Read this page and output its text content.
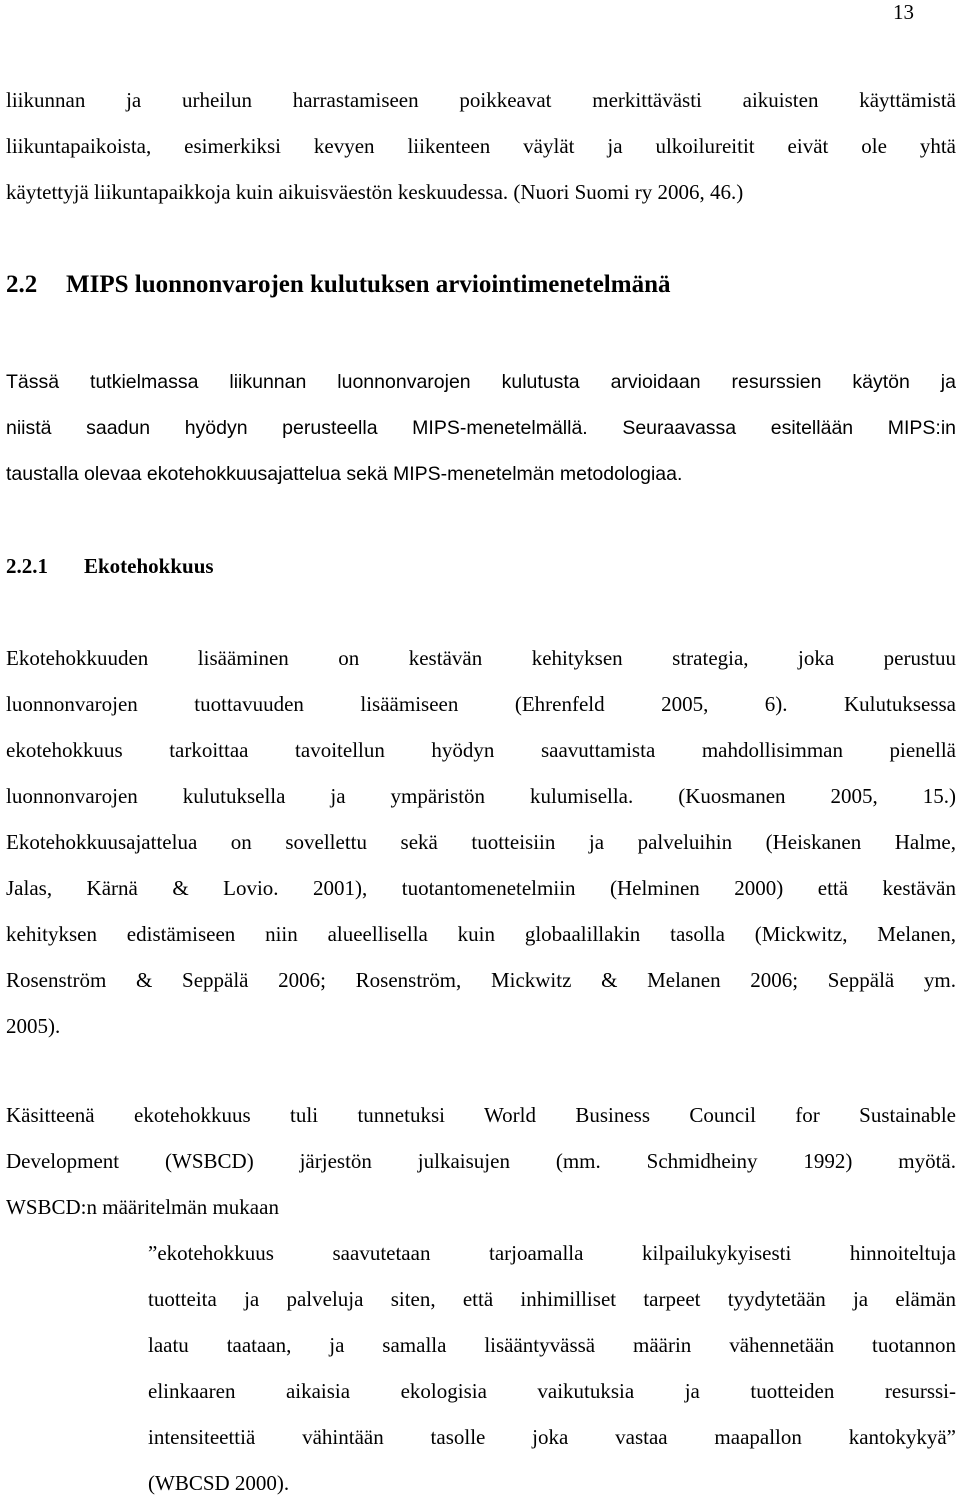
13
liikunnan ja urheilun harrastamiseen poikkeavat merkittävästi aikuisten käyttämistä
liikuntapaikoista, esimerkiksi kevyen liikenteen väylät ja ulkoilureitit eivät ole yhtä
käytettyjä liikuntapaikkoja kuin aikuisväestön keskuudessa. (Nuori Suomi ry 2006, 46.)
2.2 MIPS luonnonvarojen kulutuksen arviointimenetelmänä
Tässä tutkielmassa liikunnan luonnonvarojen kulutusta arvioidaan resurssien käytön ja
niistä saadun hyödyn perusteella MIPS-menetelmällä. Seuraavassa esitellään MIPS:in
taustalla olevaa ekotehokkuusajattelua sekä MIPS-menetelmän metodologiaa.
2.2.1 Ekotehokkuus
Ekotehokkuuden lisääminen on kestävän kehityksen strategia, joka perustuu
luonnonvarojen tuottavuuden lisäämiseen (Ehrenfeld 2005, 6). Kulutuksessa
ekotehokkuus tarkoittaa tavoitellun hyödyn saavuttamista mahdollisimman pienellä
luonnonvarojen kulutuksella ja ympäristön kulumisella. (Kuosmanen 2005, 15.)
Ekotehokkuusajattelua on sovellettu sekä tuotteisiin ja palveluihin (Heiskanen Halme,
Jalas, Kärnä & Lovio. 2001), tuotantomenetelmiin (Helminen 2000) että kestävän
kehityksen edistämiseen niin alueellisella kuin globaalillakin tasolla (Mickwitz, Melanen,
Rosenström & Seppälä 2006; Rosenström, Mickwitz & Melanen 2006; Seppälä ym.
2005).
Käsitteenä ekotehokkuus tuli tunnetuksi World Business Council for Sustainable
Development (WSBCD) järjestön julkaisujen (mm. Schmidheiny 1992) myötä.
WSBCD:n määritelmän mukaan
”ekotehokkuus saavutetaan tarjoamalla kilpailukykyisesti hinnoiteltuja
tuotteita ja palveluja siten, että inhimilliset tarpeet tyydytetään ja elämän
laatu taataan, ja samalla lisääntyvässä määrin vähennetään tuotannon
elinkaaren aikaisia ekologisia vaikutuksia ja tuotteiden resurssi-
intensiteettiä vähintään tasolle joka vastaa maapallon kantokykyä”
(WBCSD 2000).
